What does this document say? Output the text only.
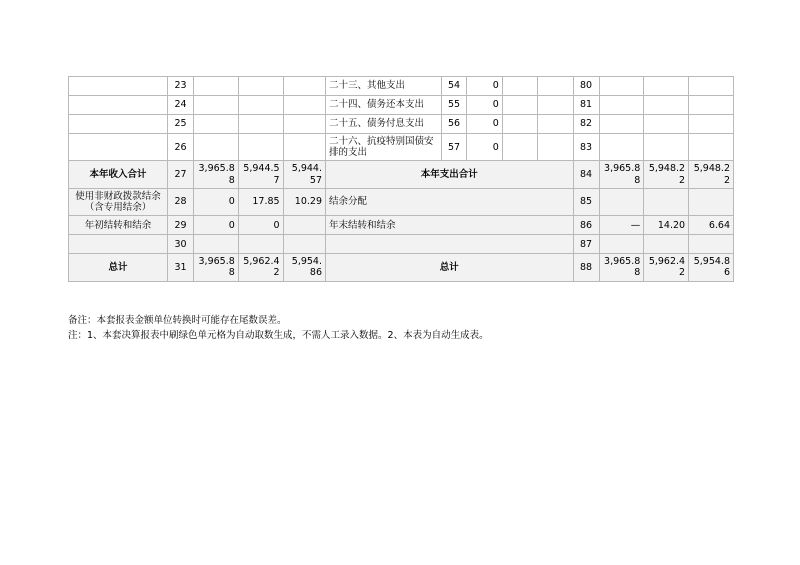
	23				二十三、其他支出	54	0			80			
	24				二十四、债务还本支出	55	0			81			
	25				二十五、债务付息支出	56	0			82			
	26				二十六、抗疫特别国债安排的支出	57	0			83			
本年收入合计	27	3,965.88	5,944.57	5,944.57	本年支出合计					84	3,965.88	5,948.22	5,948.22
使用非财政拨款结余（含专用结余）	28	0	17.85	10.29	结余分配					85			
年初结转和结余	29	0	0		年末结转和结余					86	—	14.20	6.64
	30									87			
总计	31	3,965.88	5,962.42	5,954.86	总计					88	3,965.88	5,962.42	5,954.86
备注：本套报表金额单位转换时可能存在尾数误差。
注：1、本套决算报表中刷绿色单元格为自动取数生成，不需人工录入数据。2、本表为自动生成表。
